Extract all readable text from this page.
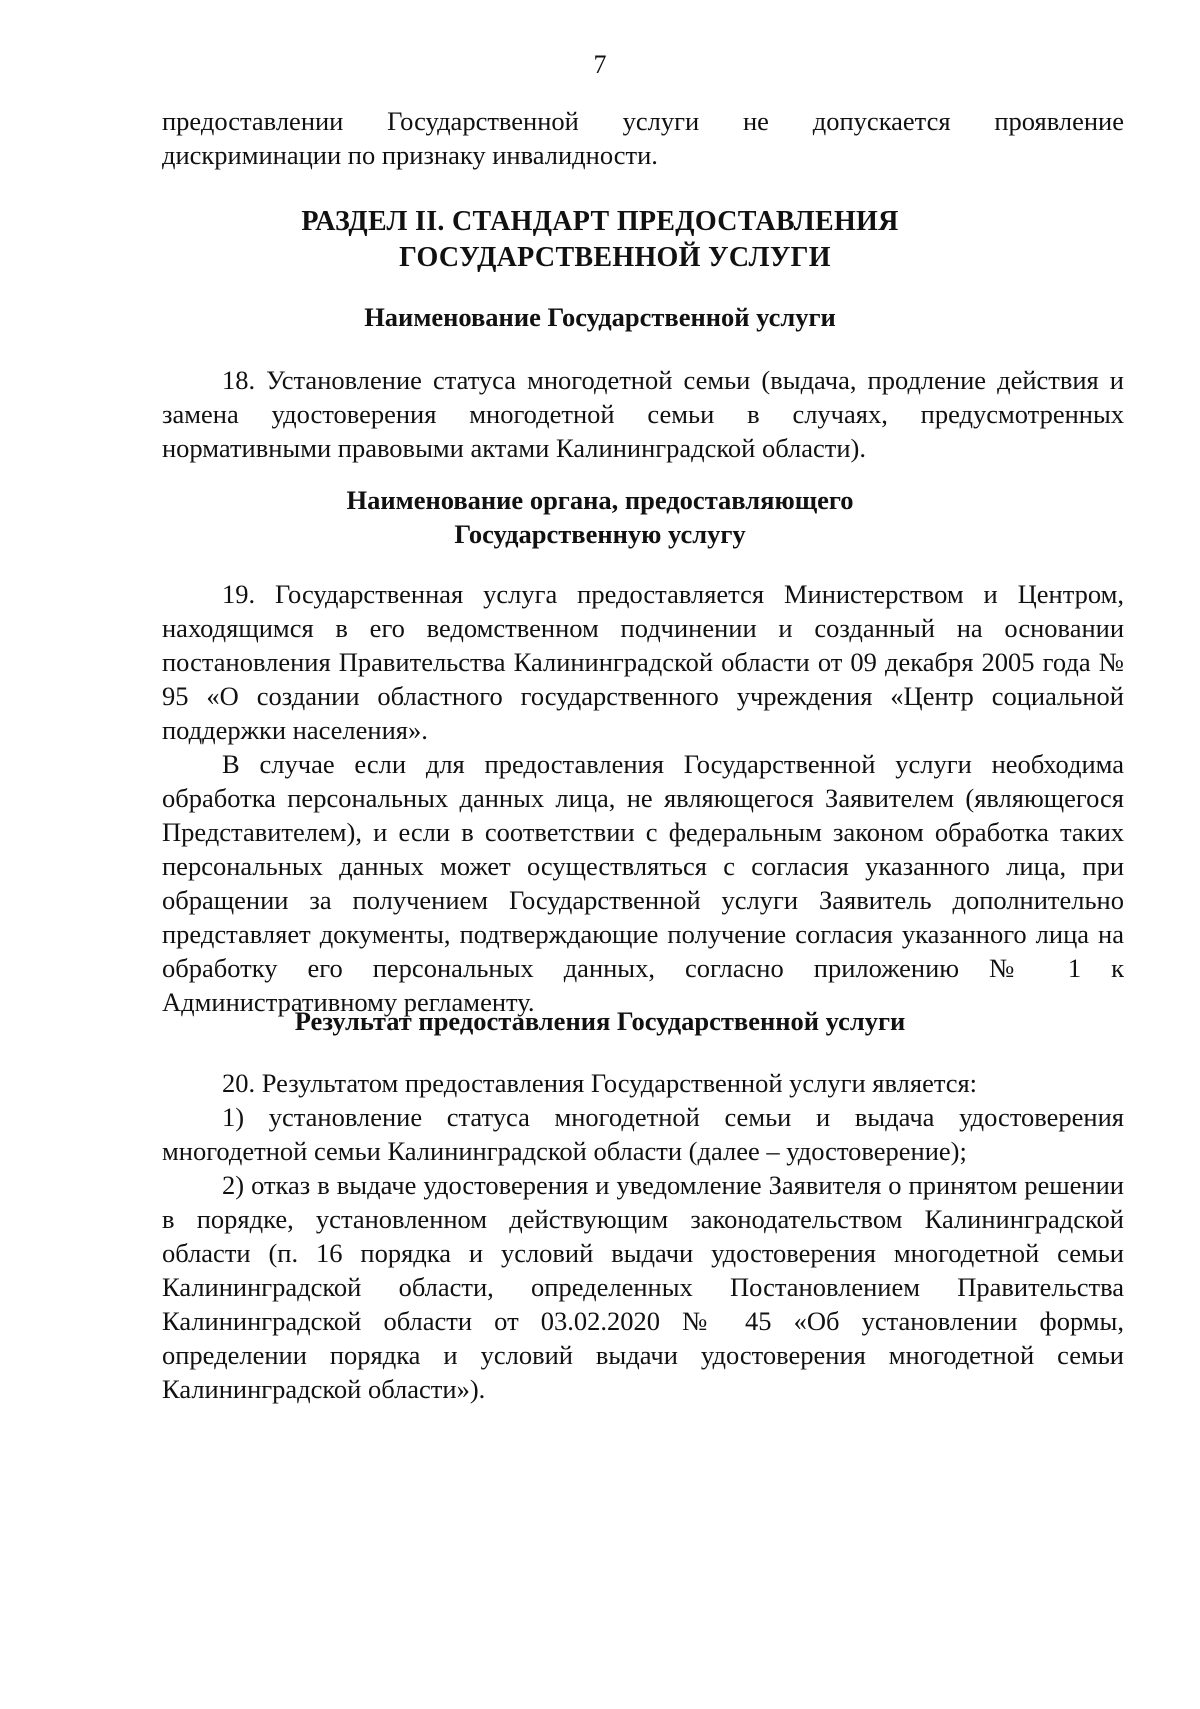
7

предоставлении Государственной услуги не допускается проявление

дискриминации по признаку инвалидности.

РАЗДЕЛ II. СТАНДАРТ ПРЕДОСТАВЛЕНИЯ
ГОСУДАРСТВЕННОЙ УСЛУГИ
Наименование Государственной услуги

18. Установление статуса многодетной семьи (выдача, продление действия и замена удостоверения многодетной семьи в случаях, предусмотренных нормативными правовыми актами Калининградской области).

Наименование органа, предоставляющего
Государственную услугу

19. Государственная услуга предоставляется Министерством и Центром, находящимся в его ведомственном подчинении и созданный на основании постановления Правительства Калининградской области от 09 декабря 2005 года № 95 «О создании областного государственного учреждения «Центр социальной поддержки населения».

В случае если для предоставления Государственной услуги необходима обработка персональных данных лица, не являющегося Заявителем (являющегося Представителем), и если в соответствии с федеральным законом обработка таких персональных данных может осуществляться с согласия указанного лица, при обращении за получением Государственной услуги Заявитель дополнительно представляет документы, подтверждающие получение согласия указанного лица на обработку его персональных данных, согласно приложению № 1 к Административному регламенту.

Результат предоставления Государственной услуги

20. Результатом предоставления Государственной услуги является:

1) установление статуса многодетной семьи и выдача удостоверения многодетной семьи Калининградской области (далее – удостоверение);

2) отказ в выдаче удостоверения и уведомление Заявителя о принятом решении в порядке, установленном действующим законодательством Калининградской области (п. 16 порядка и условий выдачи удостоверения многодетной семьи Калининградской области, определенных Постановлением Правительства Калининградской области от 03.02.2020 № 45 «Об установлении формы, определении порядка и условий выдачи удостоверения многодетной семьи Калининградской области»).
